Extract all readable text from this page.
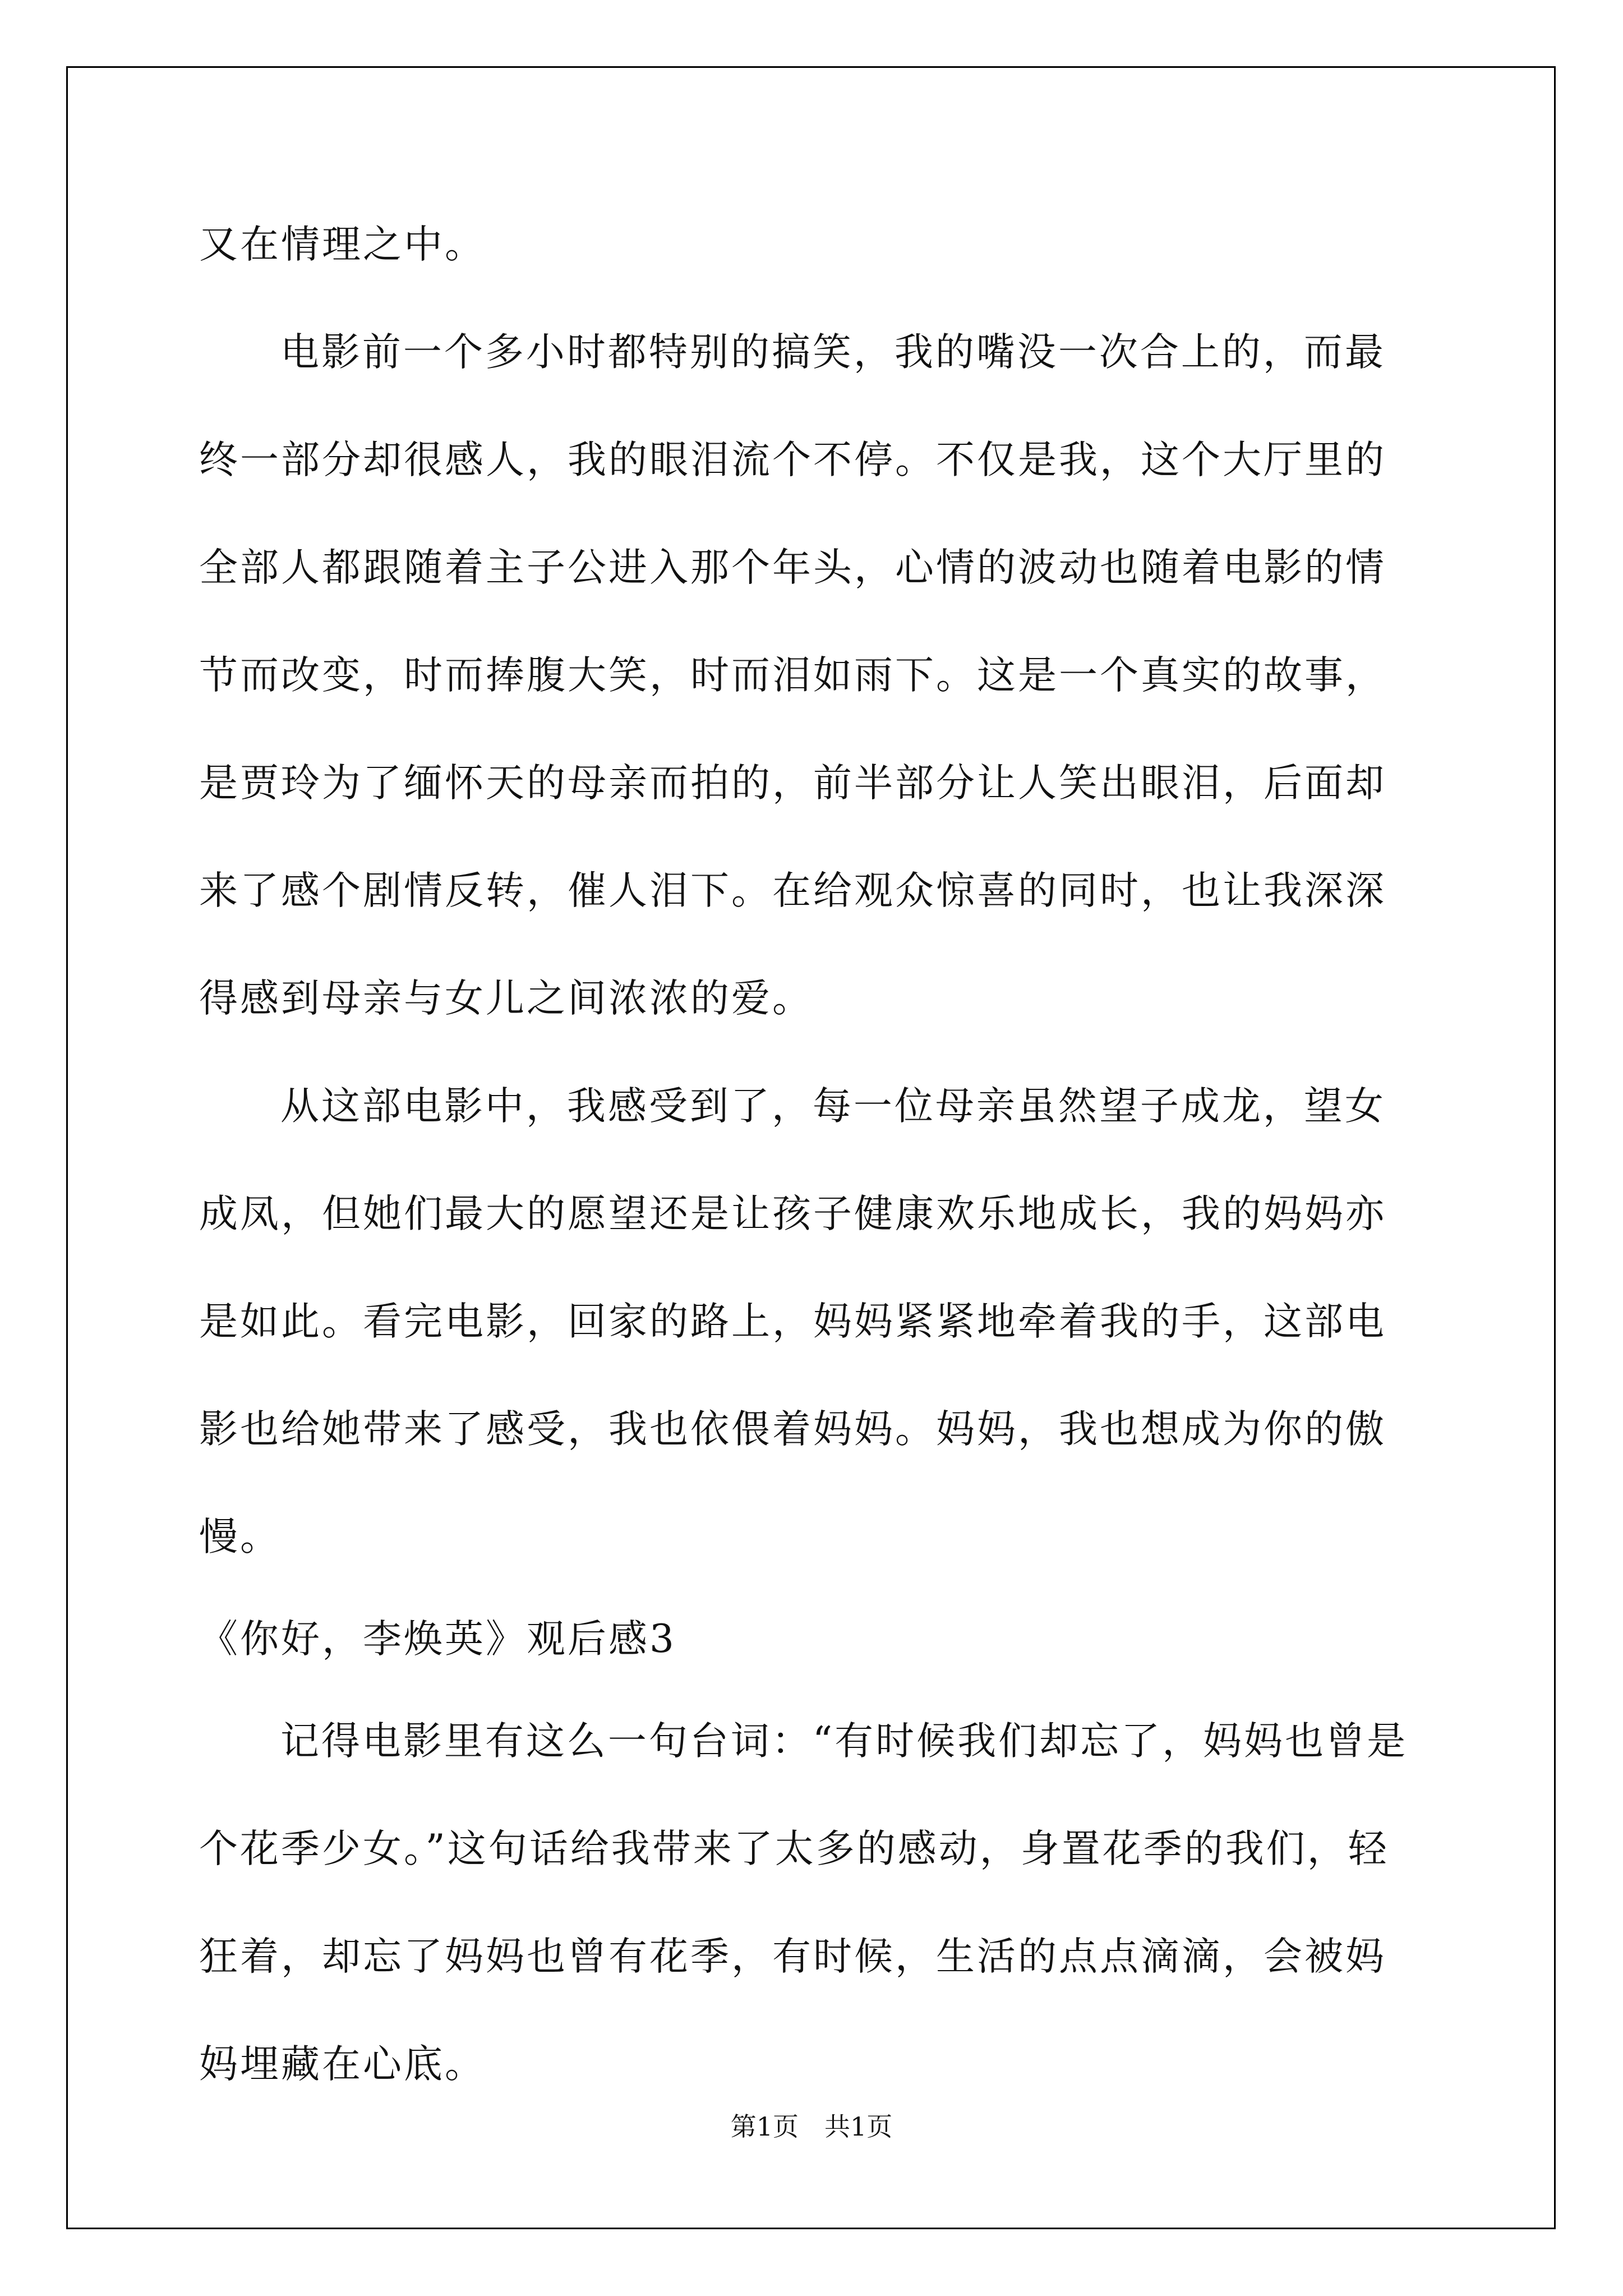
又在情理之中。

电影前一个多小时都特别的搞笑，我的嘴没一次合上的，而最终一部分却很感人，我的眼泪流个不停。不仅是我，这个大厅里的全部人都跟随着主子公进入那个年头，心情的波动也随着电影的情节而改变，时而捧腹大笑，时而泪如雨下。这是一个真实的故事，是贾玲为了缅怀天的母亲而拍的，前半部分让人笑出眼泪，后面却来了感个剧情反转，催人泪下。在给观众惊喜的同时，也让我深深得感到母亲与女儿之间浓浓的爱。

从这部电影中，我感受到了，每一位母亲虽然望子成龙，望女成凤，但她们最大的愿望还是让孩子健康欢乐地成长，我的妈妈亦是如此。看完电影，回家的路上，妈妈紧紧地牵着我的手，这部电影也给她带来了感受，我也依偎着妈妈。妈妈，我也想成为你的傲慢。

《你好，李焕英》观后感3

记得电影里有这么一句台词：“有时候我们却忘了，妈妈也曾是个花季少女。”这句话给我带来了太多的感动，身置花季的我们，轻狂着，却忘了妈妈也曾有花季，有时候，生活的点点滴滴，会被妈妈埋藏在心底。

第1页　共1页
